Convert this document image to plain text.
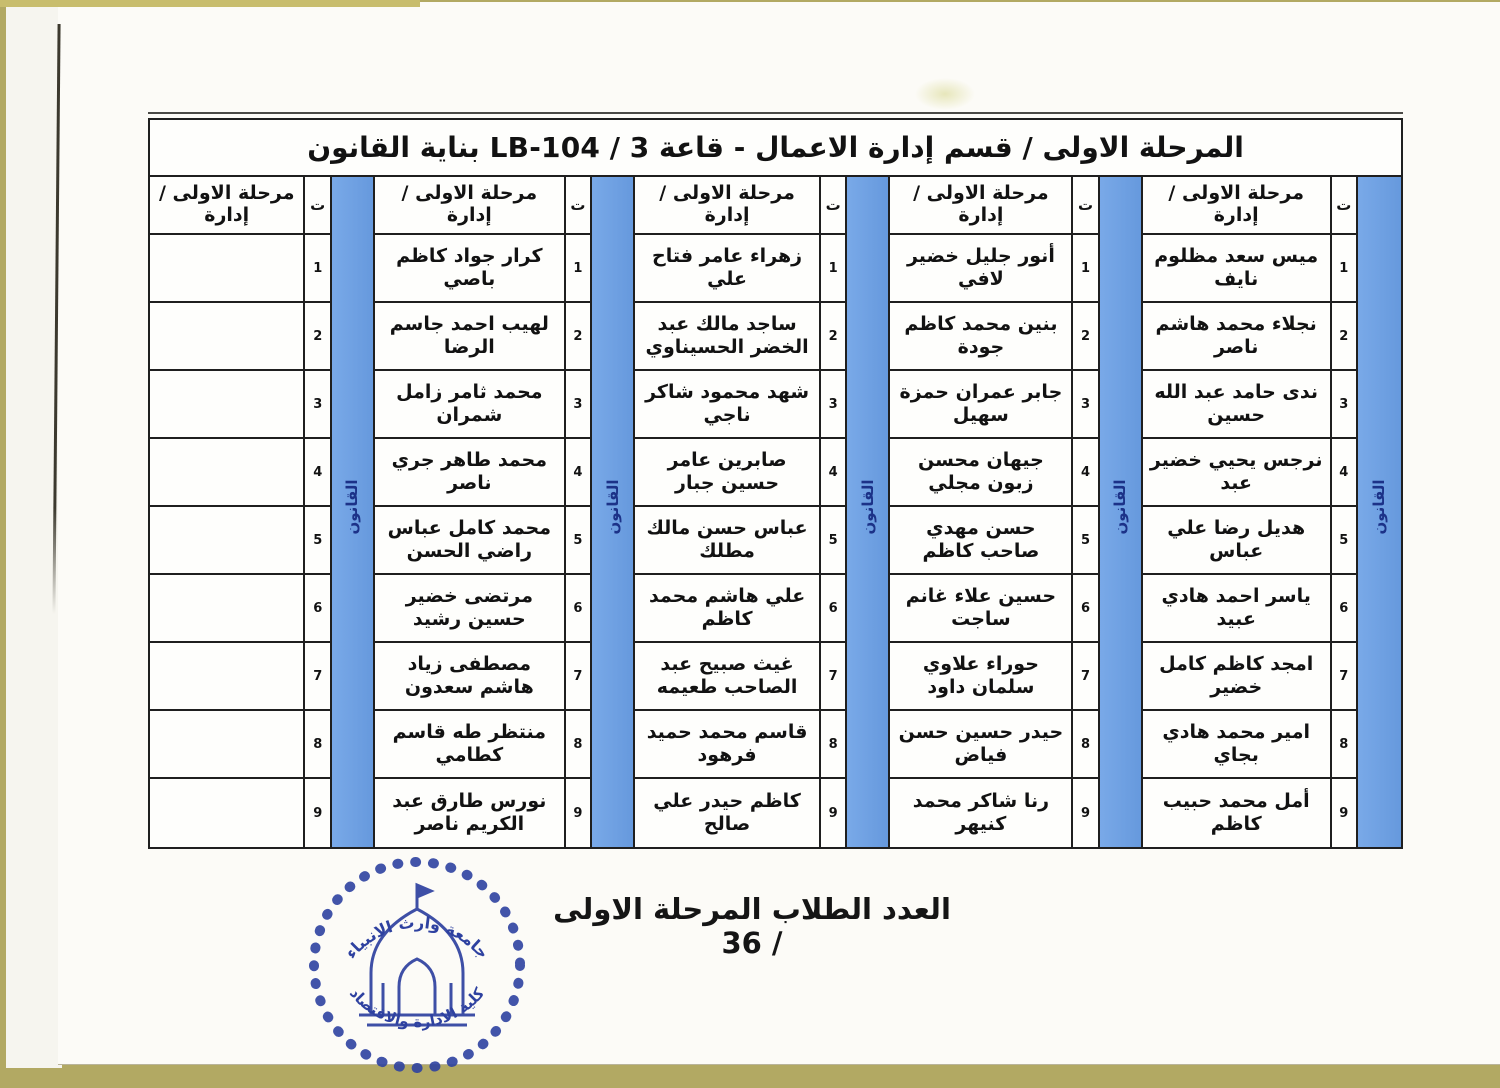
المرحلة الاولى / قسم إدارة الاعمال - قاعة 3 / LB-104 بناية القانون
مرحلة الاولى / إدارة	ت
1
2
3
4
5
6
7
8
9
القانون
مرحلة الاولى / إدارة
كرار جواد كاظم باصي
لهيب احمد جاسم الرضا
محمد ثامر زامل شمران
محمد طاهر جري ناصر
محمد كامل عباس راضي الحسن
مرتضى خضير حسين رشيد
مصطفى زياد هاشم سعدون
منتظر طه قاسم كطامي
نورس طارق عبد الكريم ناصر
ت
1
2
3
4
5
6
7
8
9
القانون
مرحلة الاولى / إدارة
زهراء عامر فتاح علي
ساجد مالك عبد الخضر الحسيناوي
شهد محمود شاكر ناجي
صابرين عامر حسين جبار
عباس حسن مالك مطلك
علي هاشم محمد كاظم
غيث صبيح عبد الصاحب طعيمه
قاسم محمد حميد فرهود
كاظم حيدر علي صالح
ت
1
2
3
4
5
6
7
8
9
القانون
مرحلة الاولى / إدارة
أنور جليل خضير لافي
بنين محمد كاظم جودة
جابر عمران حمزة سهيل
جيهان محسن زبون مجلي
حسن مهدي صاحب كاظم
حسين علاء غانم ساجت
حوراء علاوي سلمان داود
حيدر حسين حسن فياض
رنا شاكر محمد كنيهر
ت
1
2
3
4
5
6
7
8
9
القانون
مرحلة الاولى / إدارة
ميس سعد مظلوم نايف
نجلاء محمد هاشم ناصر
ندى حامد عبد الله حسين
نرجس يحيي خضير عبد
هديل رضا علي عباس
ياسر احمد هادي عبيد
امجد كاظم كامل خضير
امير محمد هادي بجاي
أمل محمد حبيب كاظم
ت
1
2
3
4
5
6
7
8
9
القانون
العدد الطلاب المرحلة الاولى / 36
جامعة وارث الانبياء
كلية الادارة والاقتصاد
